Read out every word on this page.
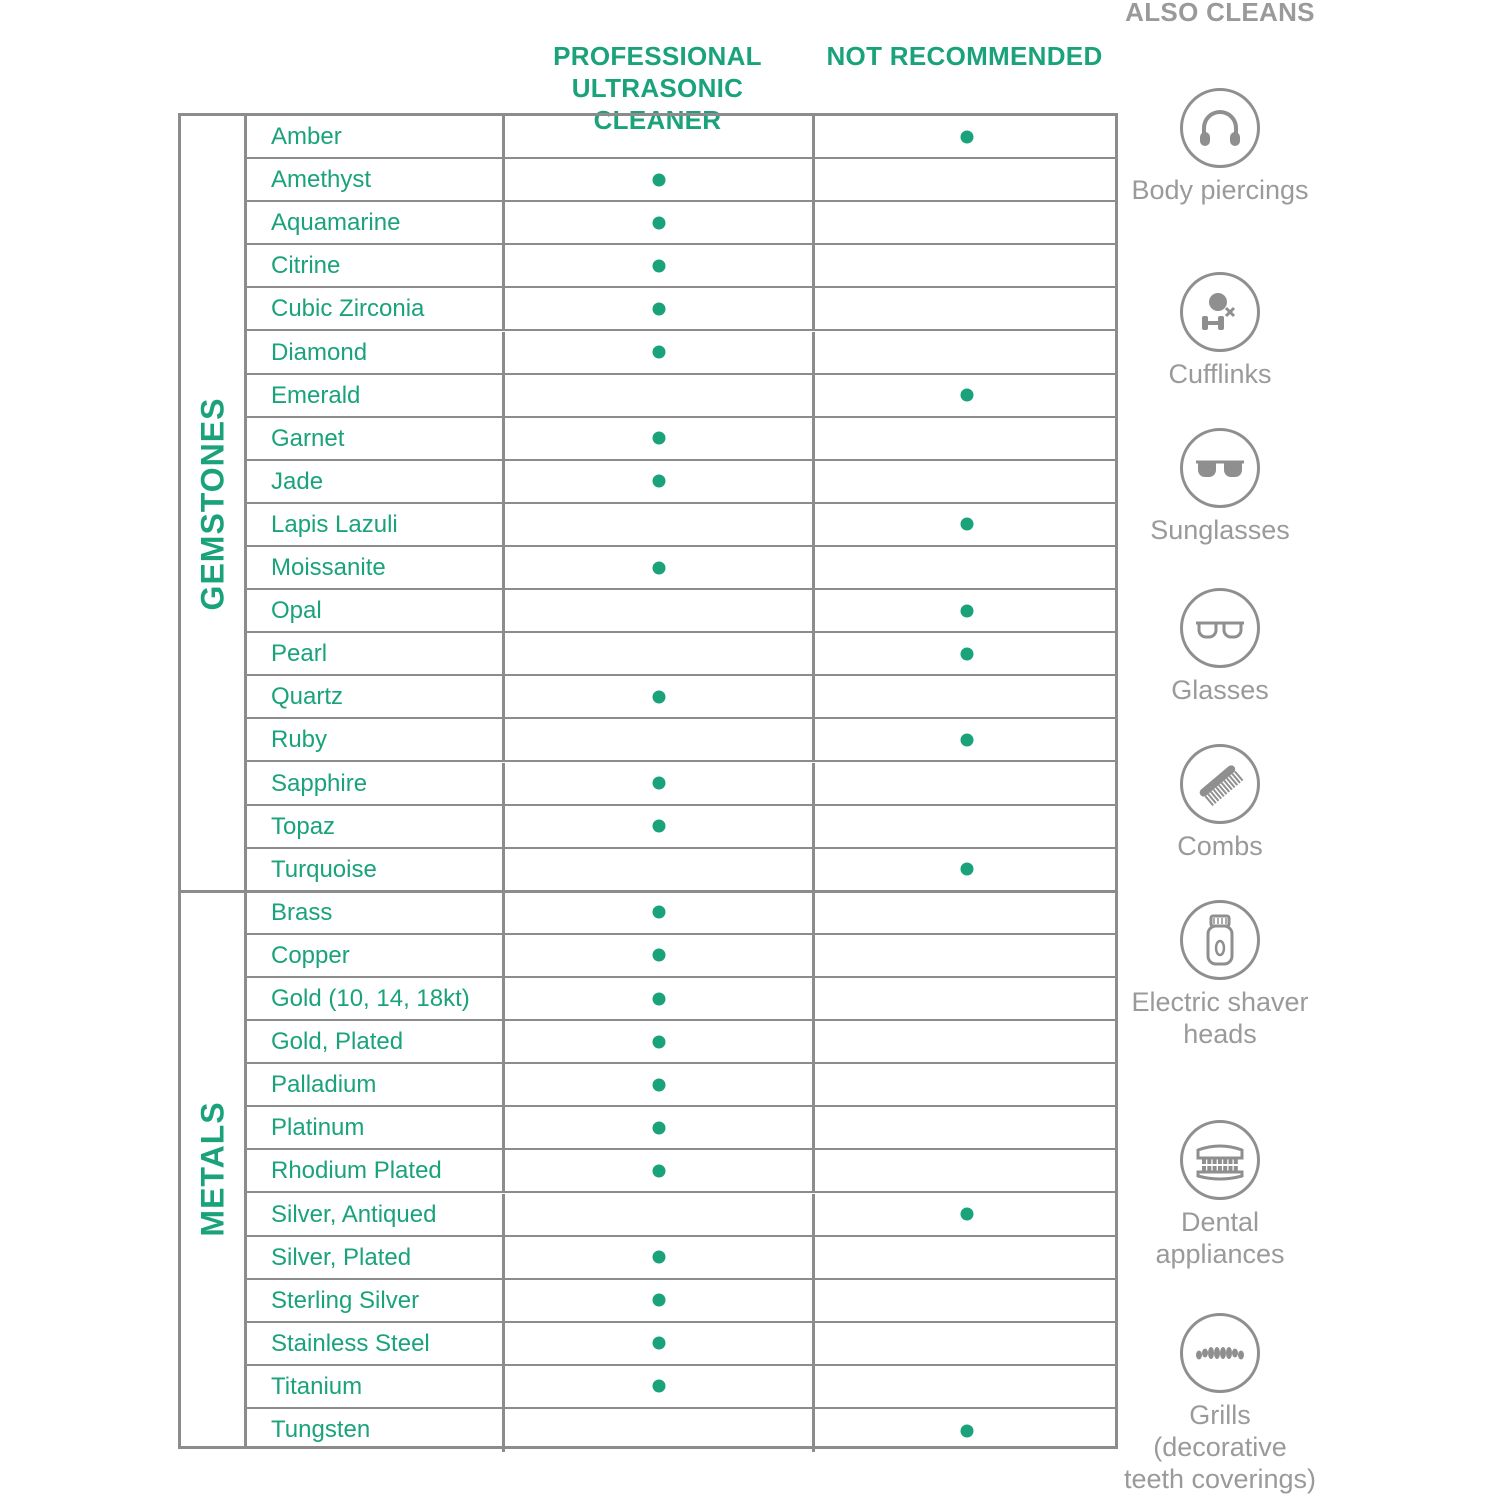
PROFESSIONAL ULTRASONIC CLEANER
NOT RECOMMENDED
ALSO CLEANS
GEMSTONES
METALS
Amber
Amethyst
Aquamarine
Citrine
Cubic Zirconia
Diamond
Emerald
Garnet
Jade
Lapis Lazuli
Moissanite
Opal
Pearl
Quartz
Ruby
Sapphire
Topaz
Turquoise
Brass
Copper
Gold (10, 14, 18kt)
Gold, Plated
Palladium
Platinum
Rhodium Plated
Silver, Antiqued
Silver, Plated
Sterling Silver
Stainless Steel
Titanium
Tungsten
Body piercings
Cufflinks
Sunglasses
Glasses
Combs
Electric shaver heads
Dental appliances
Grills (decorative teeth coverings)
